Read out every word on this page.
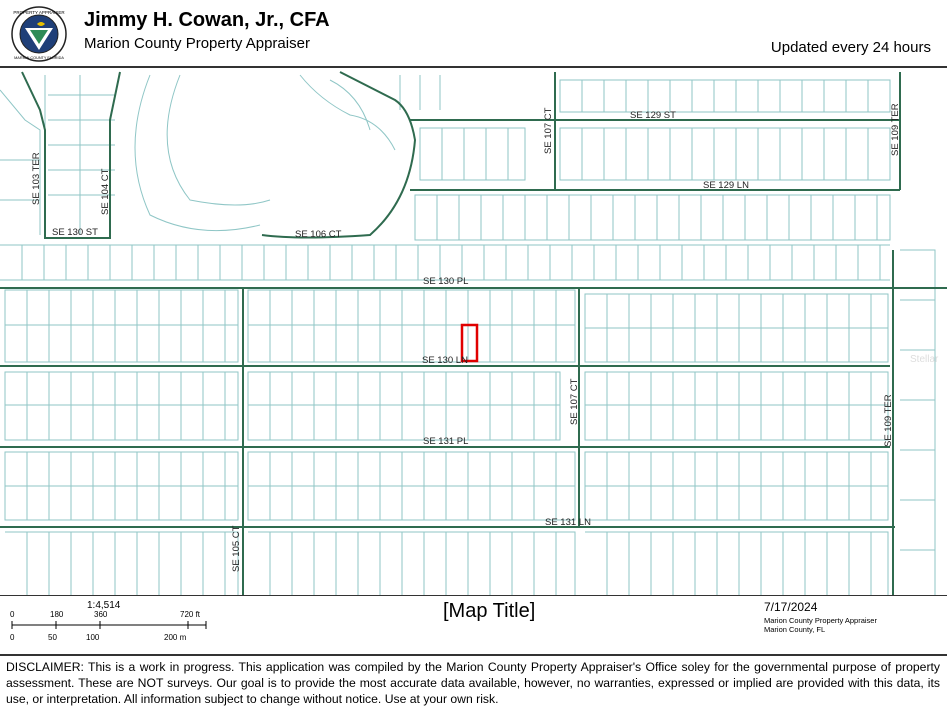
PROPERTY APPRAISER
MARION COUNTY FLORIDA
Jimmy H. Cowan, Jr., CFA
Marion County Property Appraiser	Updated every 24 hours
SE 129 ST
SE 129 LN
SE 130 ST	SE 106 CT
SE 130 PL
SE 130 LN
SE 131 PL
SE 131 LN
SE 103 TER	SE 104 CT
SE 107 CT	SE 109 TER
SE 107 CT	SE 109 TER
SE 105 CT
Stellar
0	180	360	720 ft
0	50	100	200 m
1:4,514	[Map Title]	7/17/2024
Marion County Property Appraiser
Marion County, FL
DISCLAIMER: This is a work in progress. This application was compiled by the Marion County Property Appraiser's Office soley for the governmental purpose of property assessment. These are NOT surveys. Our goal is to provide the most accurate data available, however, no warranties, expressed or implied are provided with this data, its use, or interpretation. All information subject to change without notice. Use at your own risk.
